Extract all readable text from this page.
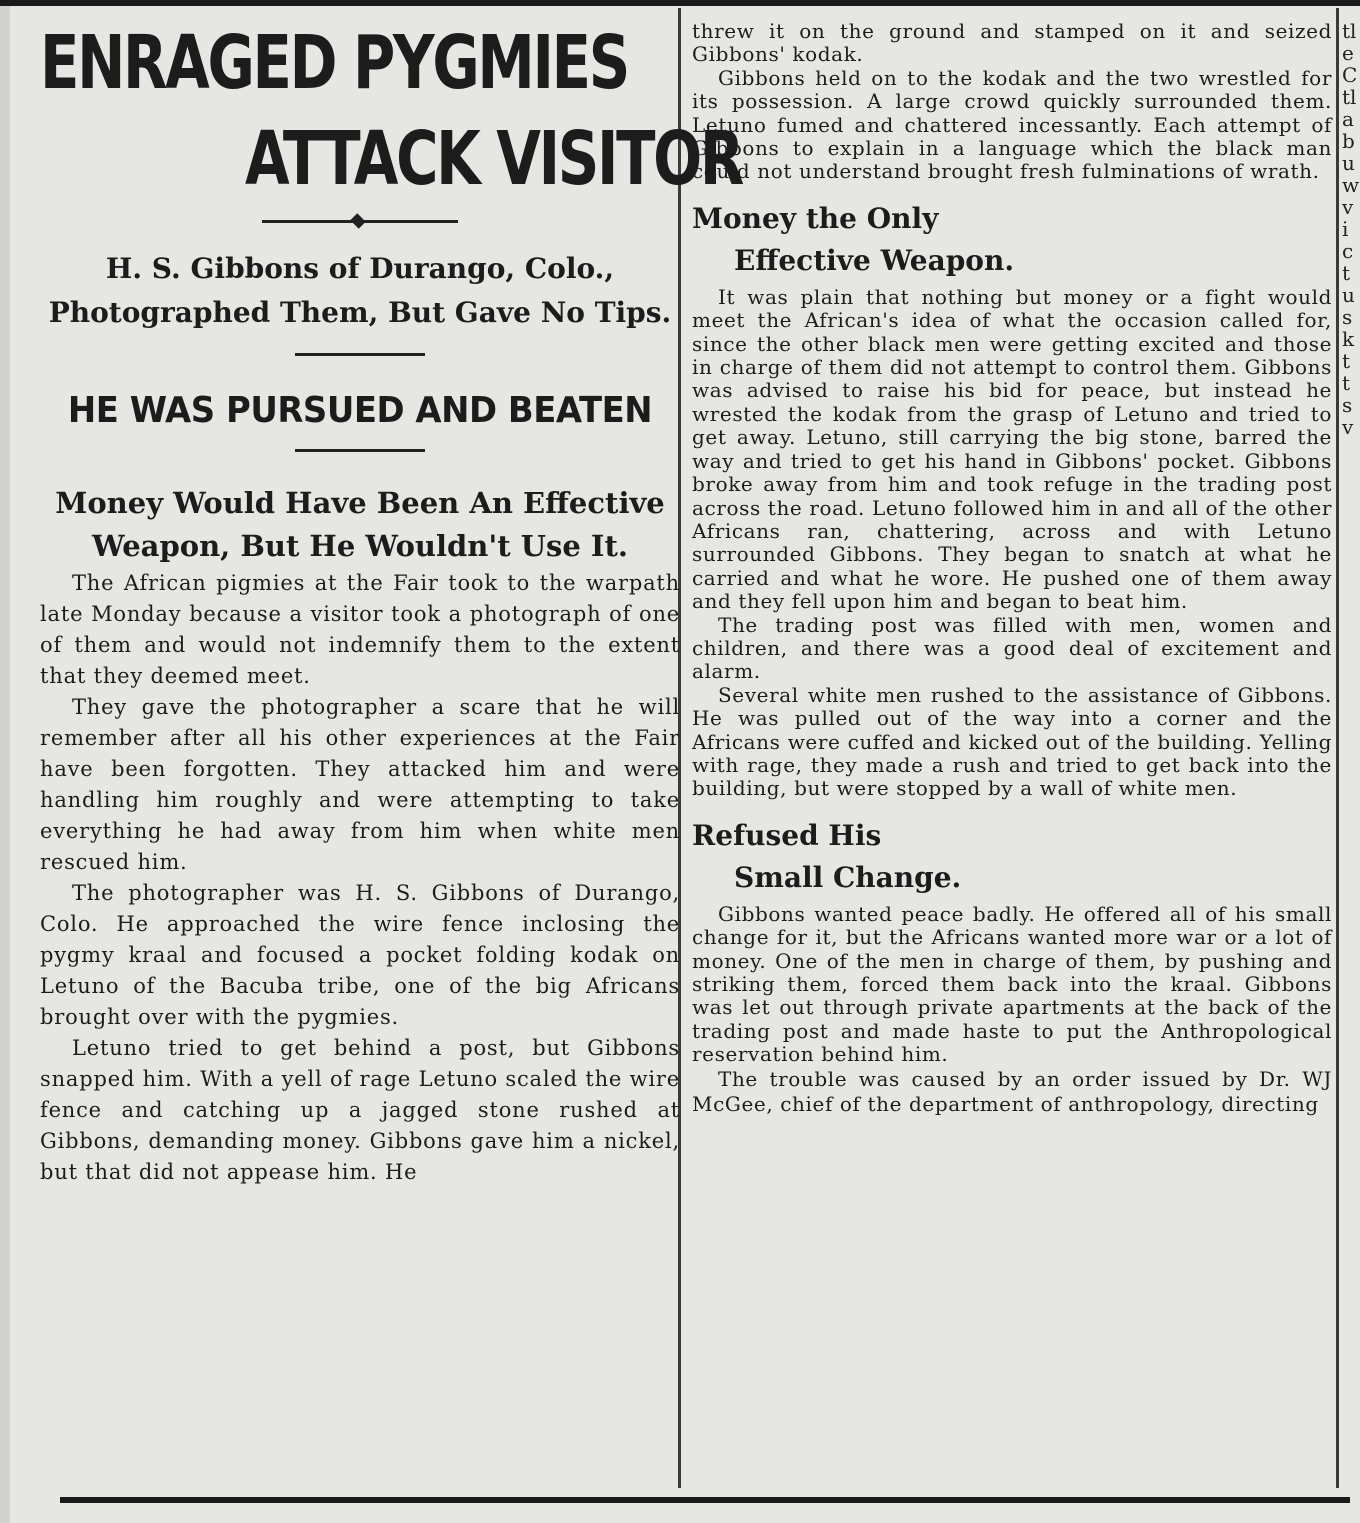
ENRAGED PYGMIES
ATTACK VISITOR

H. S. Gibbons of Durango, Colo., Photographed Them, But Gave No Tips.

HE WAS PURSUED AND BEATEN

Money Would Have Been An Effective Weapon, But He Wouldn't Use It.

The African pigmies at the Fair took to the warpath late Monday because a visitor took a photograph of one of them and would not indemnify them to the extent that they deemed meet.

They gave the photographer a scare that he will remember after all his other experiences at the Fair have been forgotten. They attacked him and were handling him roughly and were attempting to take everything he had away from him when white men rescued him.

The photographer was H. S. Gibbons of Durango, Colo. He approached the wire fence inclosing the pygmy kraal and focused a pocket folding kodak on Letuno of the Bacuba tribe, one of the big Africans brought over with the pygmies.

Letuno tried to get behind a post, but Gibbons snapped him. With a yell of rage Letuno scaled the wire fence and catching up a jagged stone rushed at Gibbons, demanding money. Gibbons gave him a nickel, but that did not appease him. He

threw it on the ground and stamped on it and seized Gibbons' kodak.

Gibbons held on to the kodak and the two wrestled for its possession. A large crowd quickly surrounded them. Letuno fumed and chattered incessantly. Each attempt of Gibbons to explain in a language which the black man could not understand brought fresh fulminations of wrath.

Money the Only
Effective Weapon.

It was plain that nothing but money or a fight would meet the African's idea of what the occasion called for, since the other black men were getting excited and those in charge of them did not attempt to control them. Gibbons was advised to raise his bid for peace, but instead he wrested the kodak from the grasp of Letuno and tried to get away. Letuno, still carrying the big stone, barred the way and tried to get his hand in Gibbons' pocket. Gibbons broke away from him and took refuge in the trading post across the road. Letuno followed him in and all of the other Africans ran, chattering, across and with Letuno surrounded Gibbons. They began to snatch at what he carried and what he wore. He pushed one of them away and they fell upon him and began to beat him.

The trading post was filled with men, women and children, and there was a good deal of excitement and alarm.

Several white men rushed to the assistance of Gibbons. He was pulled out of the way into a corner and the Africans were cuffed and kicked out of the building. Yelling with rage, they made a rush and tried to get back into the building, but were stopped by a wall of white men.

Refused His
Small Change.

Gibbons wanted peace badly. He offered all of his small change for it, but the Africans wanted more war or a lot of money. One of the men in charge of them, by pushing and striking them, forced them back into the kraal. Gibbons was let out through private apartments at the back of the trading post and made haste to put the Anthropological reservation behind him.

The trouble was caused by an order issued by Dr. WJ McGee, chief of the department of anthropology, directing

tl
e
C
tl
a
b
u
w
v
i
c
t
u
s
k
t
t
s
v
